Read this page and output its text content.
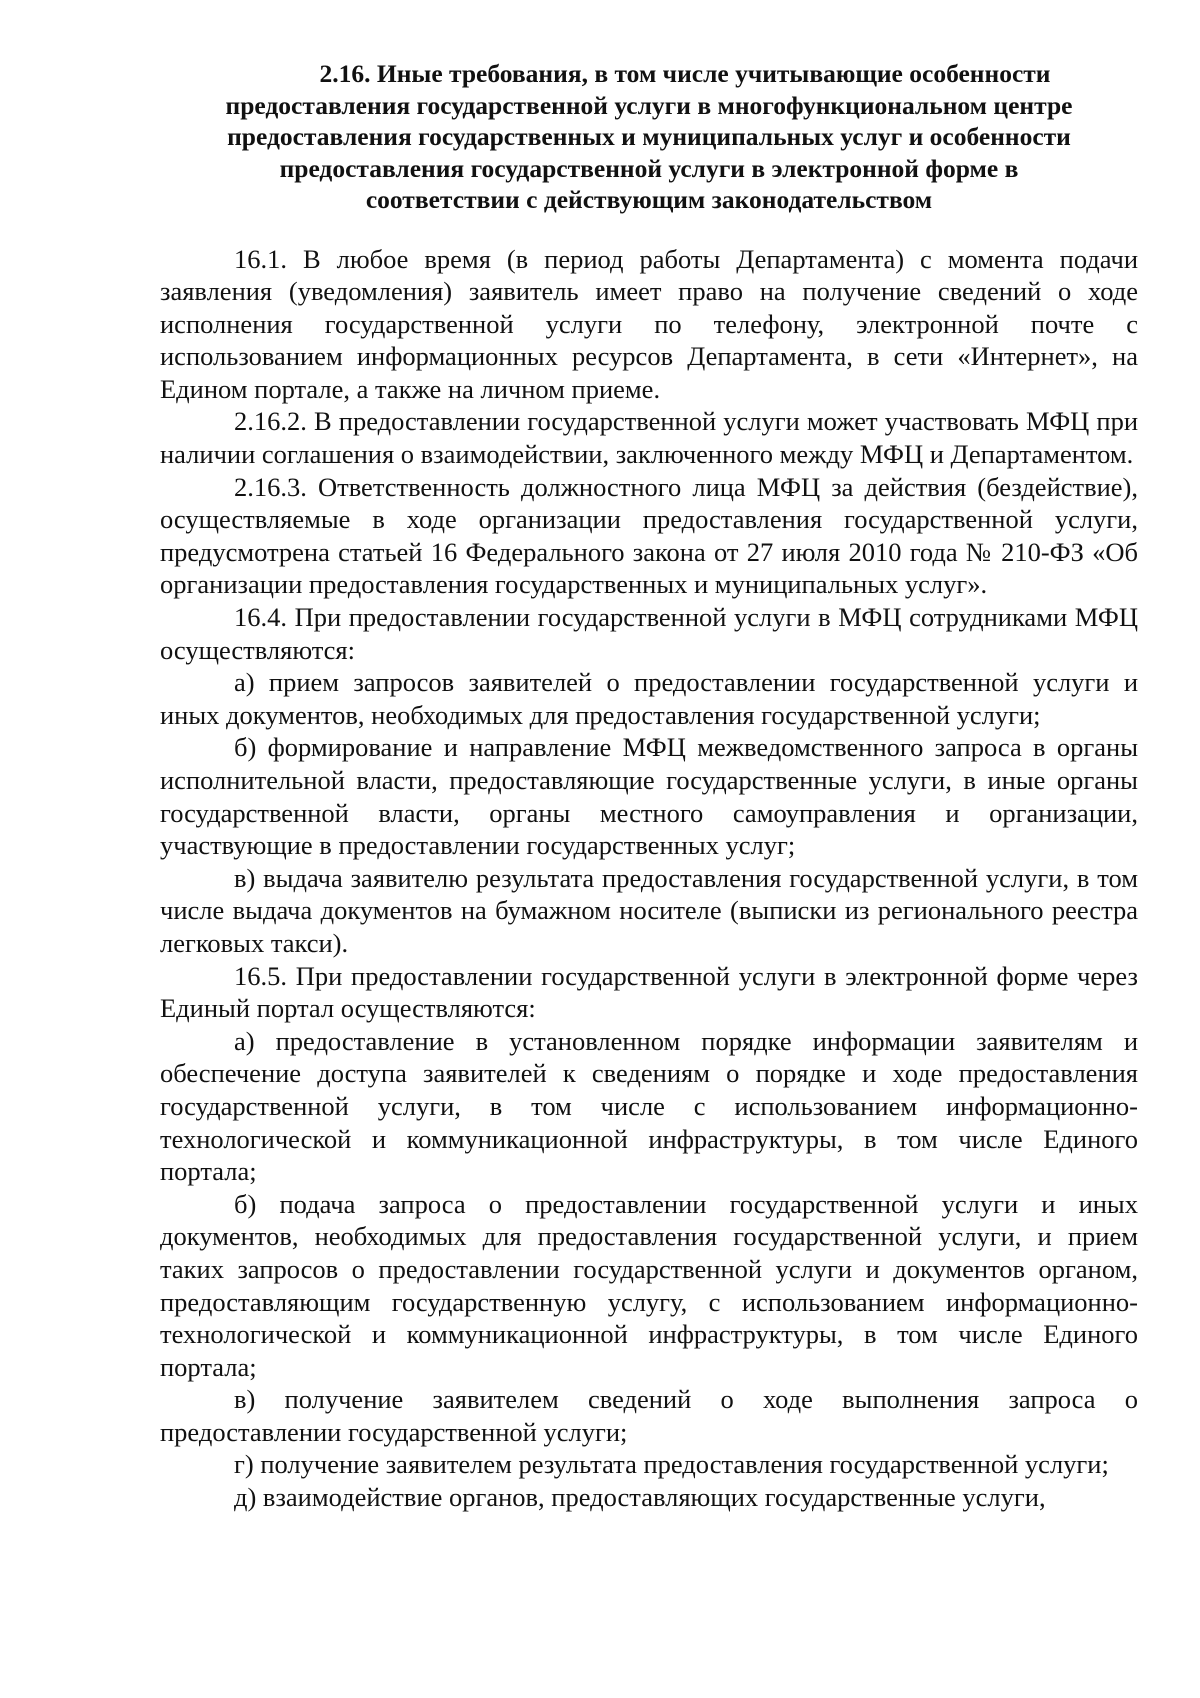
2.16. Иные требования, в том числе учитывающие особенности
предоставления государственной услуги в многофункциональном центре
предоставления государственных и муниципальных услуг и особенности
предоставления государственной услуги в электронной форме в
соответствии с действующим законодательством

16.1. В любое время (в период работы Департамента) с момента подачи заявления (уведомления) заявитель имеет право на получение сведений о ходе исполнения государственной услуги по телефону, электронной почте с использованием информационных ресурсов Департамента, в сети «Интернет», на Едином портале, а также на личном приеме.

2.16.2. В предоставлении государственной услуги может участвовать МФЦ при наличии соглашения о взаимодействии, заключенного между МФЦ и Департаментом.

2.16.3. Ответственность должностного лица МФЦ за действия (бездействие), осуществляемые в ходе организации предоставления государственной услуги, предусмотрена статьей 16 Федерального закона от 27 июля 2010 года № 210-ФЗ «Об организации предоставления государственных и муниципальных услуг».

16.4. При предоставлении государственной услуги в МФЦ сотрудниками МФЦ осуществляются:

а) прием запросов заявителей о предоставлении государственной услуги и иных документов, необходимых для предоставления государственной услуги;

б) формирование и направление МФЦ межведомственного запроса в органы исполнительной власти, предоставляющие государственные услуги, в иные органы государственной власти, органы местного самоуправления и организации, участвующие в предоставлении государственных услуг;

в) выдача заявителю результата предоставления государственной услуги, в том числе выдача документов на бумажном носителе (выписки из регионального реестра легковых такси).

16.5. При предоставлении государственной услуги в электронной форме через Единый портал осуществляются:

а) предоставление в установленном порядке информации заявителям и обеспечение доступа заявителей к сведениям о порядке и ходе предоставления государственной услуги, в том числе с использованием информационно-технологической и коммуникационной инфраструктуры, в том числе Единого портала;

б) подача запроса о предоставлении государственной услуги и иных документов, необходимых для предоставления государственной услуги, и прием таких запросов о предоставлении государственной услуги и документов органом, предоставляющим государственную услугу, с использованием информационно-технологической и коммуникационной инфраструктуры, в том числе Единого портала;

в) получение заявителем сведений о ходе выполнения запроса о предоставлении государственной услуги;

г) получение заявителем результата предоставления государственной услуги;

д) взаимодействие органов, предоставляющих государственные услуги,
